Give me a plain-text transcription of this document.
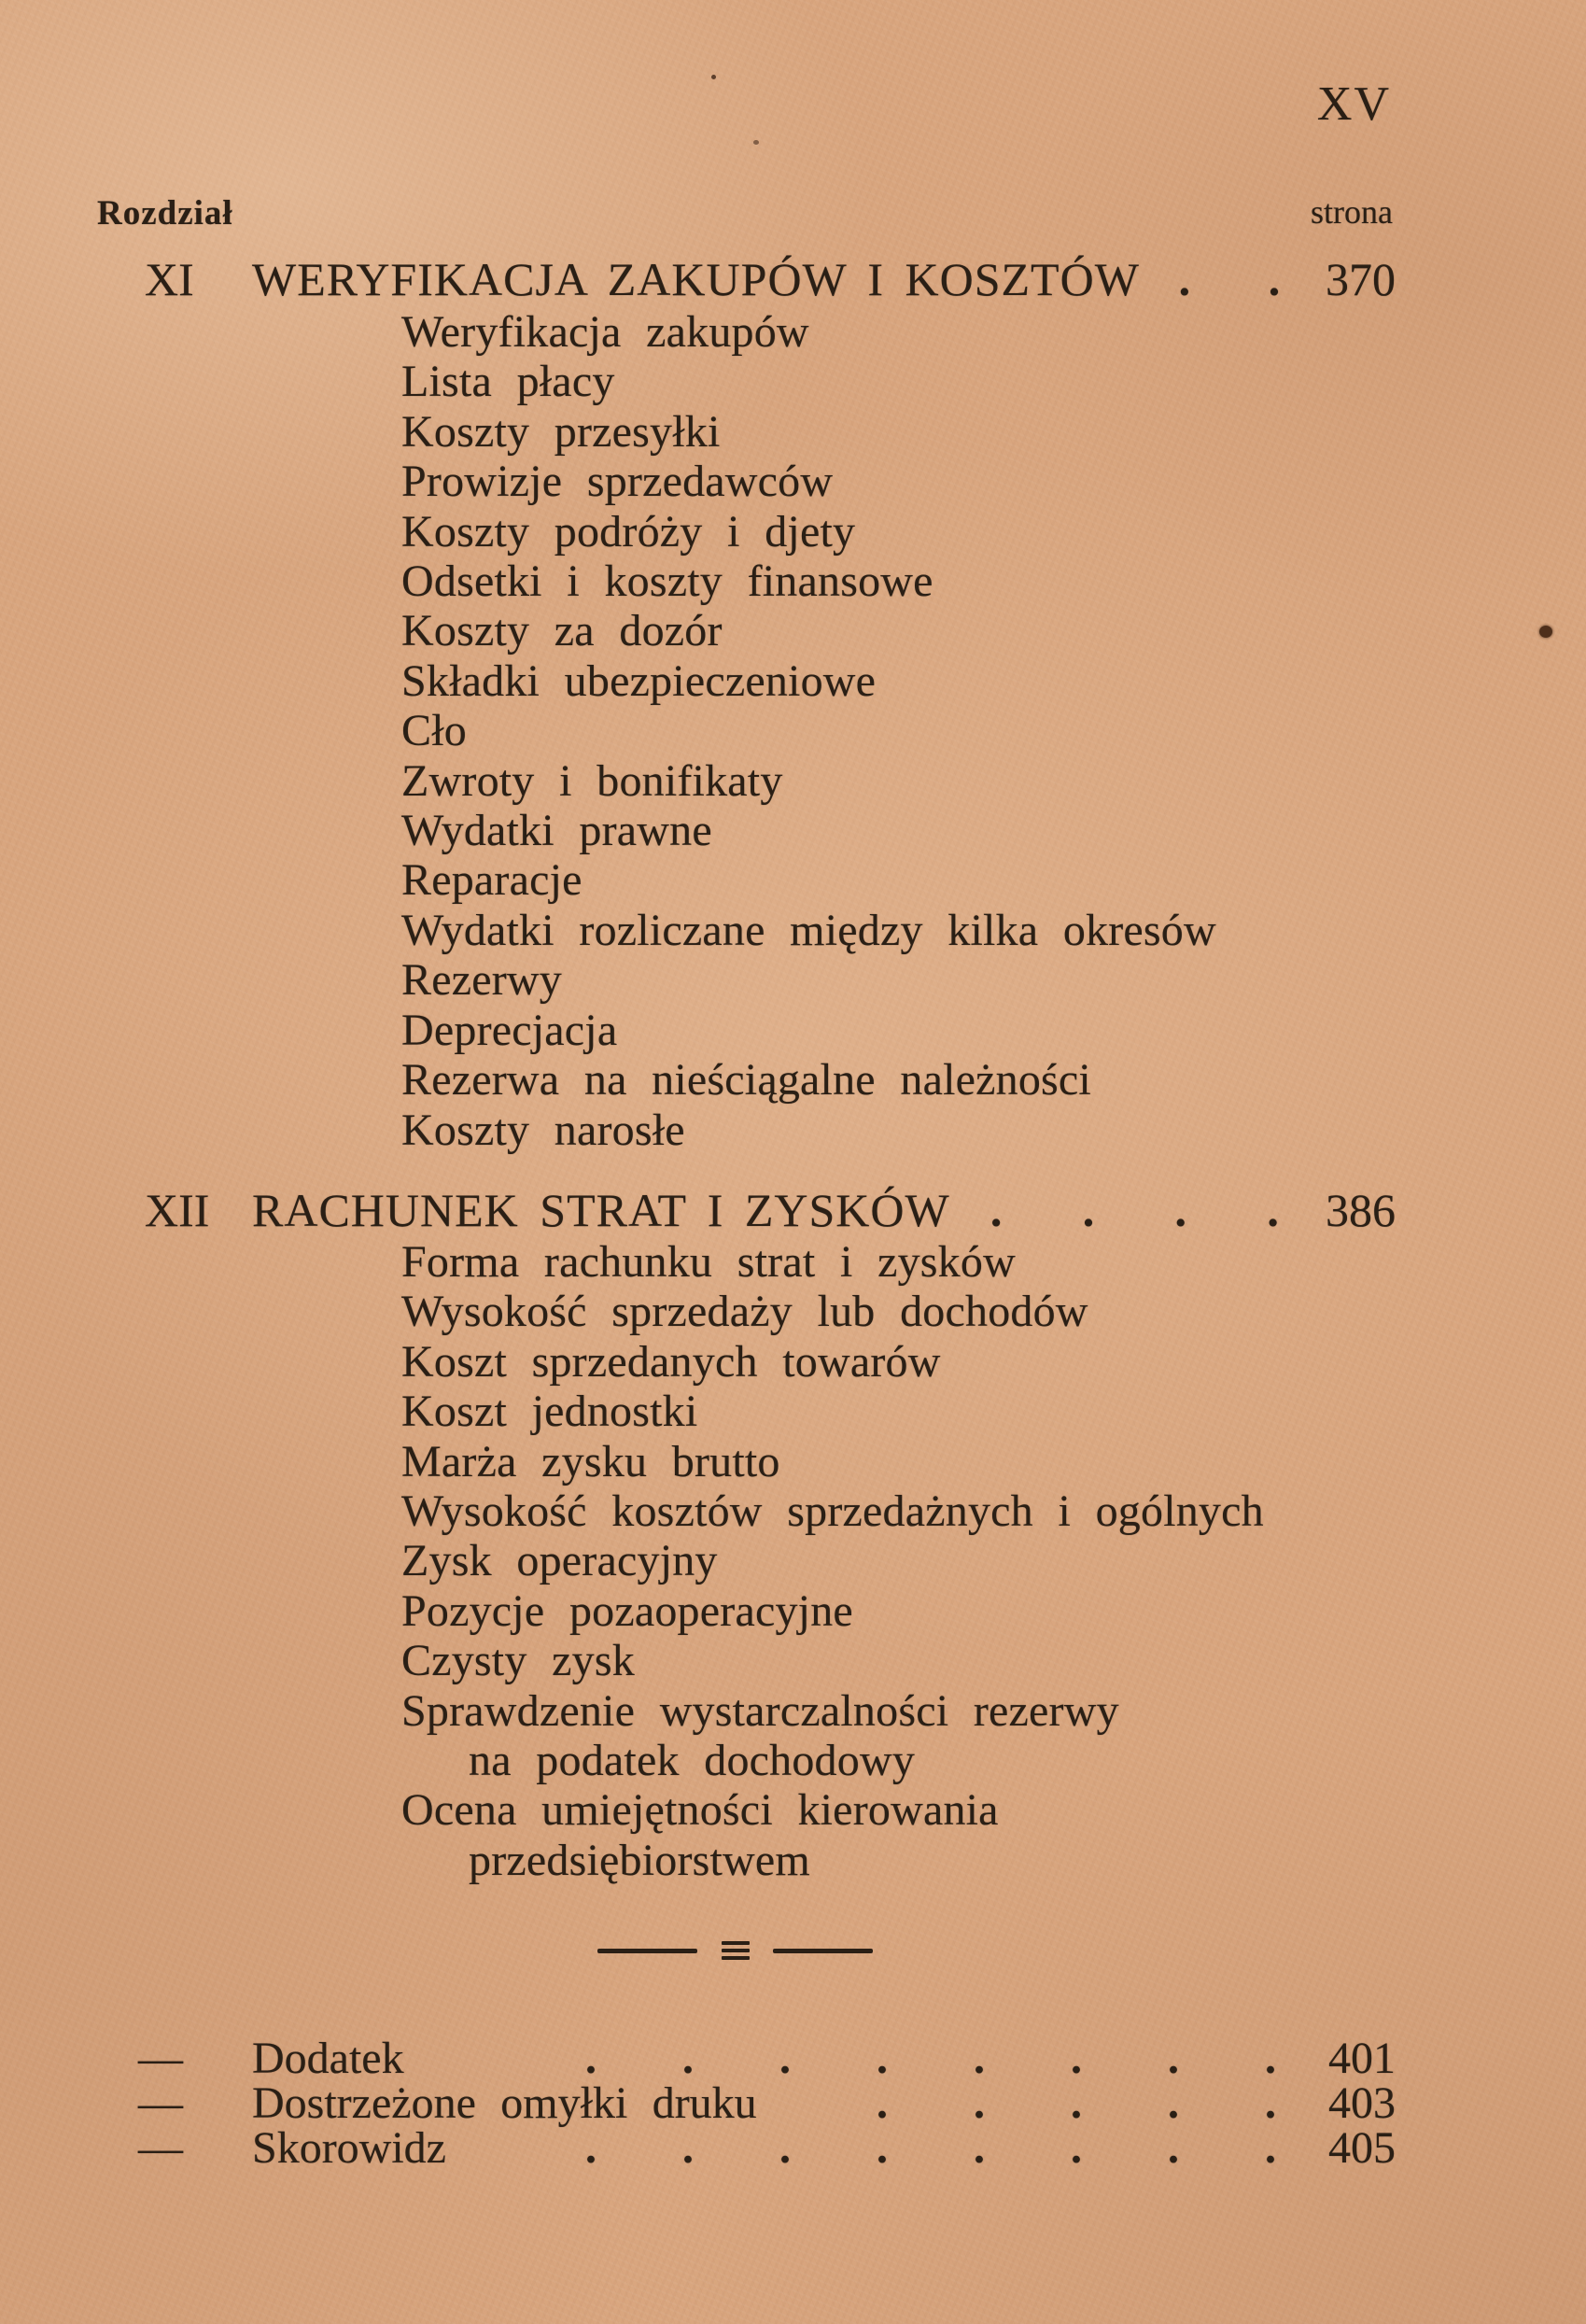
XV
Rozdział	strona
XI	WERYFIKACJA ZAKUPÓW I KOSZTÓW .	. 370
Weryfikacja zakupów
Lista płacy
Koszty przesyłki
Prowizje sprzedawców
Koszty podróży i djety
Odsetki i koszty finansowe
Koszty za dozór
Składki ubezpieczeniowe
Cło
Zwroty i bonifikaty
Wydatki prawne
Reparacje
Wydatki rozliczane między kilka okresów
Rezerwy
Deprecjacja
Rezerwa na nieściągalne należności
Koszty narosłe
XII RACHUNEK STRAT I ZYSKÓW .	.	.	.	386
Forma rachunku strat i zysków
Wysokość sprzedaży lub dochodów
Koszt sprzedanych towarów
Koszt jednostki
Marża zysku brutto
Wysokość kosztów sprzedażnych i ogólnych
Zysk operacyjny
Pozycje pozaoperacyjne
Czysty zysk
Sprawdzenie wystarczalności rezerwy
na podatek dochodowy
Ocena umiejętności kierowania
przedsiębiorstwem
—	Dodatek	.	.	.	.	.	.	.	.	401
—	Dostrzeżone omyłki druku	.	.	.	.	.	403
—	Skorowidz	.	.	.	.	.	.	.	.	405
